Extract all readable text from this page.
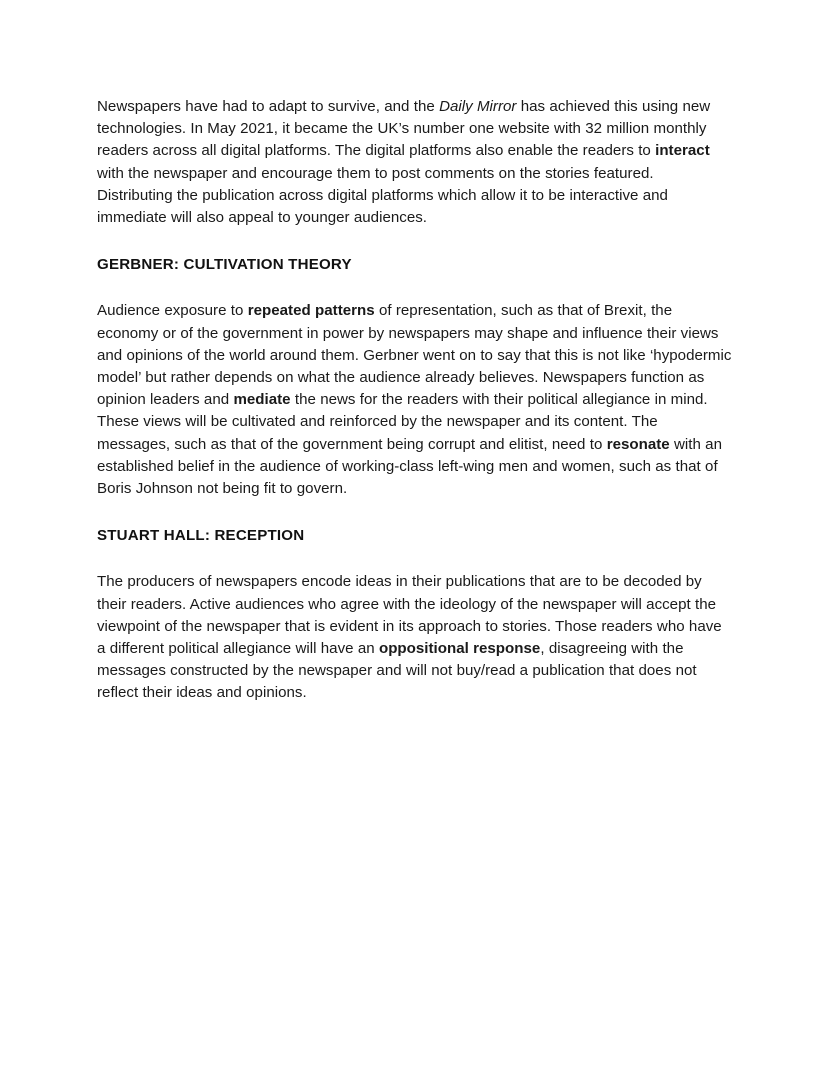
Newspapers have had to adapt to survive, and the Daily Mirror has achieved this using new technologies. In May 2021, it became the UK’s number one website with 32 million monthly readers across all digital platforms. The digital platforms also enable the readers to interact with the newspaper and encourage them to post comments on the stories featured. Distributing the publication across digital platforms which allow it to be interactive and immediate will also appeal to younger audiences.

GERBNER: CULTIVATION THEORY

Audience exposure to repeated patterns of representation, such as that of Brexit, the economy or of the government in power by newspapers may shape and influence their views and opinions of the world around them. Gerbner went on to say that this is not like ‘hypodermic model’ but rather depends on what the audience already believes. Newspapers function as opinion leaders and mediate the news for the readers with their political allegiance in mind. These views will be cultivated and reinforced by the newspaper and its content. The messages, such as that of the government being corrupt and elitist, need to resonate with an established belief in the audience of working-class left-wing men and women, such as that of Boris Johnson not being fit to govern.

STUART HALL: RECEPTION

The producers of newspapers encode ideas in their publications that are to be decoded by their readers. Active audiences who agree with the ideology of the newspaper will accept the viewpoint of the newspaper that is evident in its approach to stories. Those readers who have a different political allegiance will have an oppositional response, disagreeing with the messages constructed by the newspaper and will not buy/read a publication that does not reflect their ideas and opinions.
